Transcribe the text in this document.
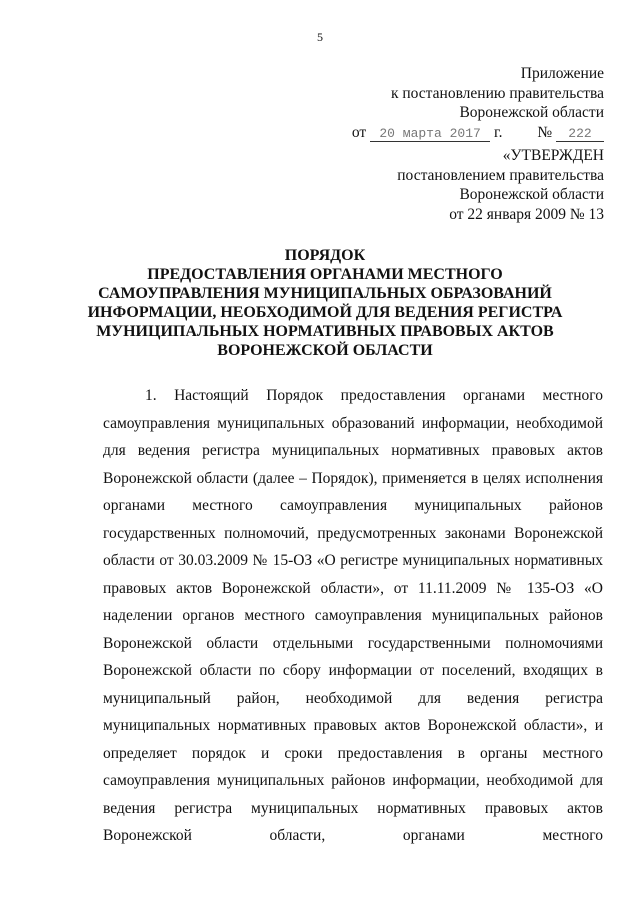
5
Приложение
к постановлению правительства
Воронежской области
от 20 марта 2017 г. № 222
«УТВЕРЖДЕН
постановлением правительства
Воронежской области
от 22 января 2009 № 13
ПОРЯДОК
ПРЕДОСТАВЛЕНИЯ ОРГАНАМИ МЕСТНОГО
САМОУПРАВЛЕНИЯ МУНИЦИПАЛЬНЫХ ОБРАЗОВАНИЙ
ИНФОРМАЦИИ, НЕОБХОДИМОЙ ДЛЯ ВЕДЕНИЯ РЕГИСТРА
МУНИЦИПАЛЬНЫХ НОРМАТИВНЫХ ПРАВОВЫХ АКТОВ
ВОРОНЕЖСКОЙ ОБЛАСТИ
1. Настоящий Порядок предоставления органами местного самоуправления муниципальных образований информации, необходимой для ведения регистра муниципальных нормативных правовых актов Воронежской области (далее – Порядок), применяется в целях исполнения органами местного самоуправления муниципальных районов государственных полномочий, предусмотренных законами Воронежской области от 30.03.2009 № 15-ОЗ «О регистре муниципальных нормативных правовых актов Воронежской области», от 11.11.2009 № 135-ОЗ «О наделении органов местного самоуправления муниципальных районов Воронежской области отдельными государственными полномочиями Воронежской области по сбору информации от поселений, входящих в муниципальный район, необходимой для ведения регистра муниципальных нормативных правовых актов Воронежской области», и определяет порядок и сроки предоставления в органы местного самоуправления муниципальных районов информации, необходимой для ведения регистра муниципальных нормативных правовых актов Воронежской области, органами местного
